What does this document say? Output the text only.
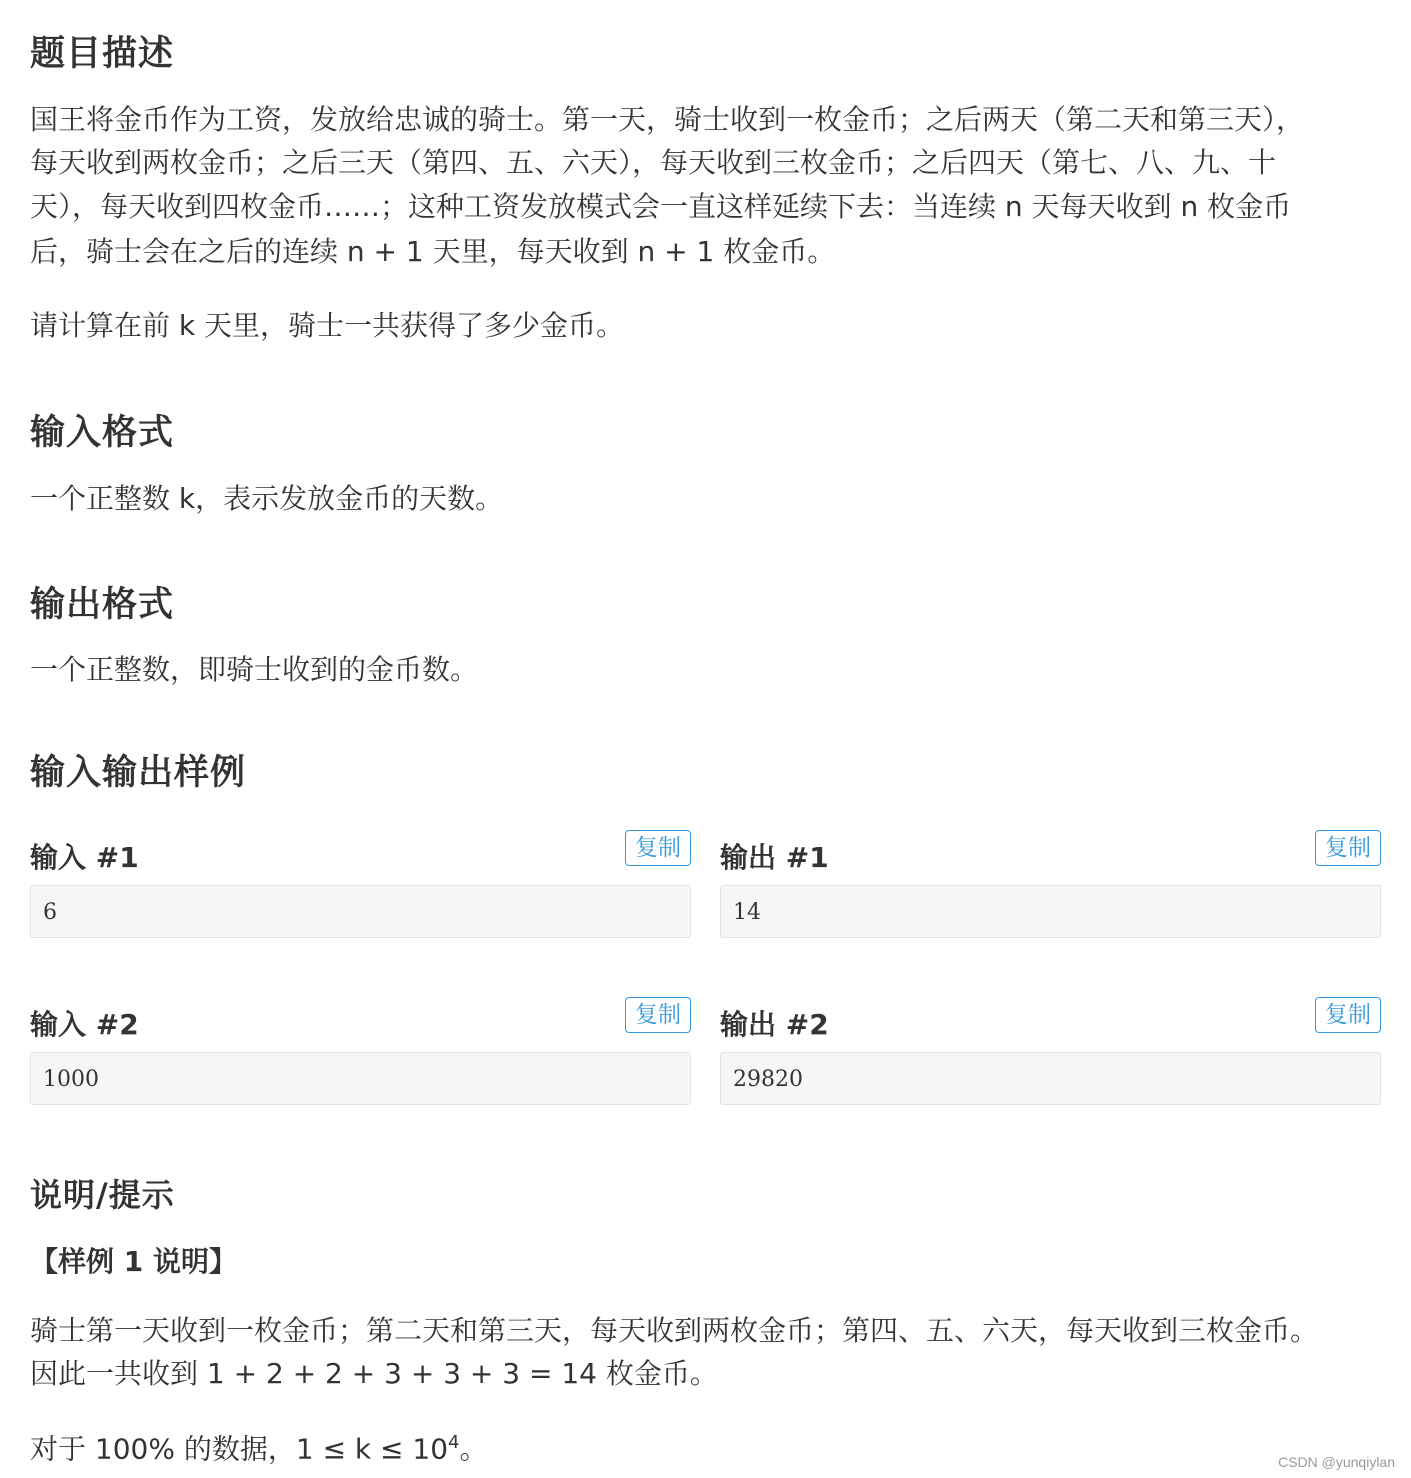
题目描述

国王将金币作为工资，发放给忠诚的骑士。第一天，骑士收到一枚金币；之后两天（第二天和第三天），

每天收到两枚金币；之后三天（第四、五、六天），每天收到三枚金币；之后四天（第七、八、九、十

天），每天收到四枚金币……；这种工资发放模式会一直这样延续下去：当连续 n 天每天收到 n 枚金币

后，骑士会在之后的连续 n + 1 天里，每天收到 n + 1 枚金币。

请计算在前 k 天里，骑士一共获得了多少金币。

输入格式

一个正整数 k，表示发放金币的天数。

输出格式

一个正整数，即骑士收到的金币数。

输入输出样例
输入 #1	复制
6
输出 #1	复制
14
输入 #2	复制
1000
输出 #2	复制
29820
说明/提示
【样例 1 说明】

骑士第一天收到一枚金币；第二天和第三天，每天收到两枚金币；第四、五、六天，每天收到三枚金币。

因此一共收到 1 + 2 + 2 + 3 + 3 + 3 = 14 枚金币。

对于 100% 的数据，$1 \le k \le 10^4$。	CSDN @yunqiylan
